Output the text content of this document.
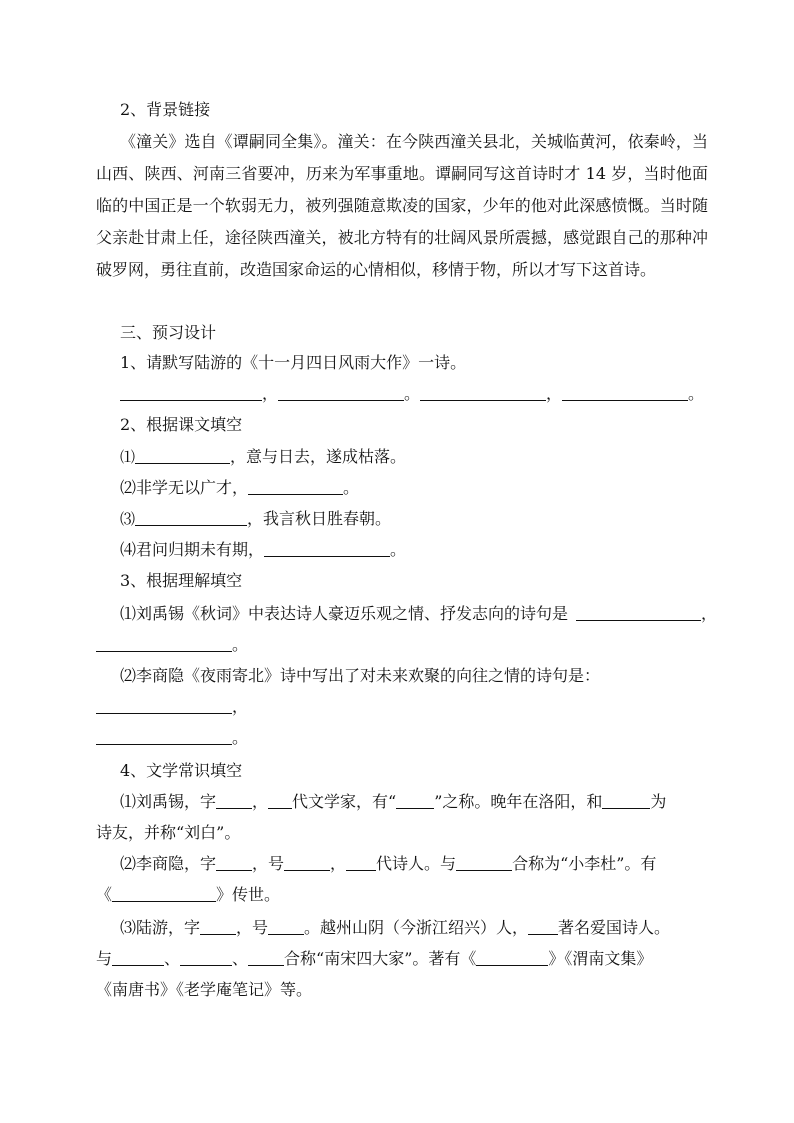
2、背景链接
《潼关》选自《谭嗣同全集》。潼关：在今陕西潼关县北，关城临黄河，依秦岭，当山西、陕西、河南三省要冲，历来为军事重地。谭嗣同写这首诗时才 14 岁，当时他面临的中国正是一个软弱无力，被列强随意欺凌的国家，少年的他对此深感愤慨。当时随父亲赴甘肃上任，途径陕西潼关，被北方特有的壮阔风景所震撼，感觉跟自己的那种冲破罗网，勇往直前，改造国家命运的心情相似，移情于物，所以才写下这首诗。
三、预习设计
1、请默写陆游的《十一月四日风雨大作》一诗。
，	。	，	。
2、根据课文填空
⑴	，意与日去，遂成枯落。
⑵非学无以广才，	。
⑶	，我言秋日胜春朝。
⑷君问归期未有期，	。
3、根据理解填空
⑴刘禹锡《秋词》中表达诗人豪迈乐观之情、抒发志向的诗句是	，
。
⑵李商隐《夜雨寄北》诗中写出了对未来欢聚的向往之情的诗句是：
，
。
4、文学常识填空
⑴刘禹锡，字 ， 代文学家，有“ ”之称。晚年在洛阳，和	为
诗友，并称“刘白”。
⑵李商隐，字 ，号	， 代诗人。与	合称为“小李杜”。有
《	》传世。
⑶陆游，字 ，号 。越州山阴（今浙江绍兴）人， 著名爱国诗人。
与	、	、 合称“南宋四大家”。著有《	》《渭南文集》
《南唐书》《老学庵笔记》等。
